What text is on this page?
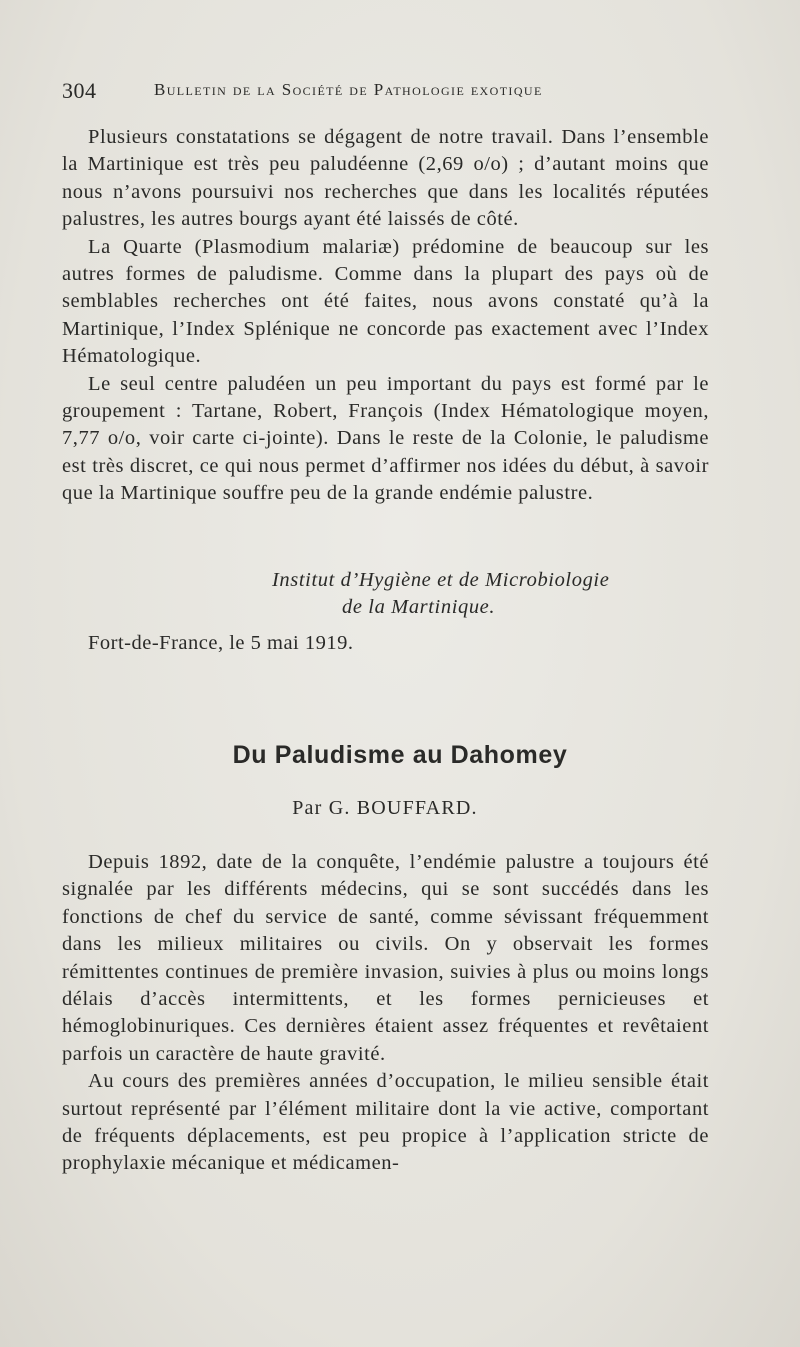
304	Bulletin de la Société de Pathologie exotique

Plusieurs constatations se dégagent de notre travail. Dans l’ensemble la Martinique est très peu paludéenne (2,69 o/o) ; d’autant moins que nous n’avons poursuivi nos recherches que dans les localités réputées palustres, les autres bourgs ayant été laissés de côté.

La Quarte (Plasmodium malariæ) prédomine de beaucoup sur les autres formes de paludisme. Comme dans la plupart des pays où de semblables recherches ont été faites, nous avons constaté qu’à la Martinique, l’Index Splénique ne concorde pas exactement avec l’Index Hématologique.

Le seul centre paludéen un peu important du pays est formé par le groupement : Tartane, Robert, François (Index Hématologique moyen, 7,77 o/o, voir carte ci-jointe). Dans le reste de la Colonie, le paludisme est très discret, ce qui nous permet d’affirmer nos idées du début, à savoir que la Martinique souffre peu de la grande endémie palustre.

Institut d’Hygiène et de Microbiologie
de la Martinique.
Fort-de-France, le 5 mai 1919.
Du Paludisme au Dahomey
Par G. BOUFFARD.

Depuis 1892, date de la conquête, l’endémie palustre a toujours été signalée par les différents médecins, qui se sont succédés dans les fonctions de chef du service de santé, comme sévissant fréquemment dans les milieux militaires ou civils. On y observait les formes rémittentes continues de première invasion, suivies à plus ou moins longs délais d’accès intermittents, et les formes pernicieuses et hémoglobinuriques. Ces dernières étaient assez fréquentes et revêtaient parfois un caractère de haute gravité.

Au cours des premières années d’occupation, le milieu sensible était surtout représenté par l’élément militaire dont la vie active, comportant de fréquents déplacements, est peu propice à l’application stricte de prophylaxie mécanique et médicamen-
